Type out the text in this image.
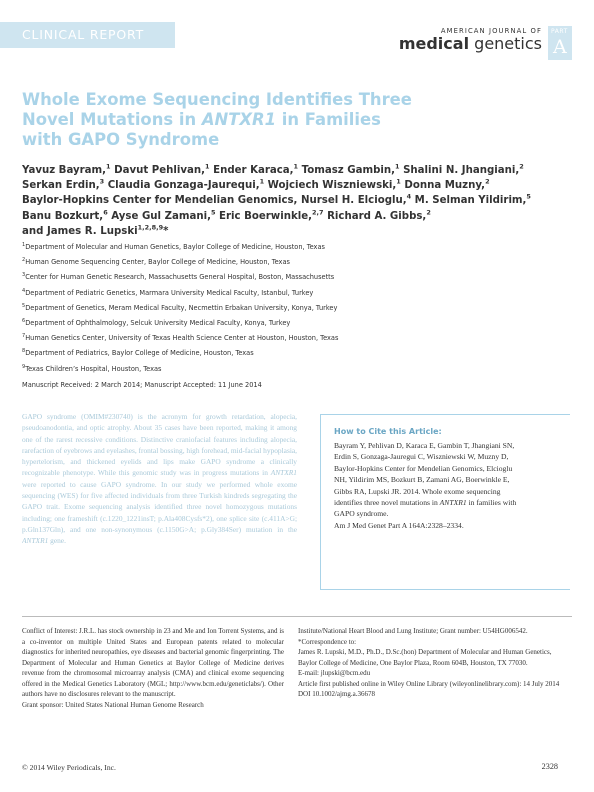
CLINICAL REPORT	AMERICAN JOURNAL OF
medical genetics
PART
A
Whole Exome Sequencing Identifies Three
Novel Mutations in ANTXR1 in Families
with GAPO Syndrome
Yavuz Bayram,$^1$ Davut Pehlivan,$^1$ Ender Karaca,$^1$ Tomasz Gambin,$^1$ Shalini N. Jhangiani,$^2$
Serkan Erdin,$^3$ Claudia Gonzaga-Jaurequi,$^1$ Wojciech Wiszniewski,$^1$ Donna Muzny,$^2$
Baylor-Hopkins Center for Mendelian Genomics, Nursel H. Elcioglu,$^4$ M. Selman Yildirim,$^5$
Banu Bozkurt,$^6$ Ayse Gul Zamani,$^5$ Eric Boerwinkle,$^{2,7}$ Richard A. Gibbs,$^2$
and James R. Lupski$^{1,2,8,9}$*
$^1$Department of Molecular and Human Genetics, Baylor College of Medicine, Houston, Texas
$^2$Human Genome Sequencing Center, Baylor College of Medicine, Houston, Texas
$^3$Center for Human Genetic Research, Massachusetts General Hospital, Boston, Massachusetts
$^4$Department of Pediatric Genetics, Marmara University Medical Faculty, Istanbul, Turkey
$^5$Department of Genetics, Meram Medical Faculty, Necmettin Erbakan University, Konya, Turkey
$^6$Department of Ophthalmology, Selcuk University Medical Faculty, Konya, Turkey
$^7$Human Genetics Center, University of Texas Health Science Center at Houston, Houston, Texas
$^8$Department of Pediatrics, Baylor College of Medicine, Houston, Texas
$^9$Texas Children’s Hospital, Houston, Texas
Manuscript Received: 2 March 2014; Manuscript Accepted: 11 June 2014
GAPO syndrome (OMIM#230740) is the acronym for growth retardation, alopecia, pseudoanodontia, and optic atrophy. About 35 cases have been reported, making it among one of the rarest recessive conditions. Distinctive craniofacial features including alopecia, rarefaction of eyebrows and eyelashes, frontal bossing, high forehead, mid-facial hypoplasia, hypertelorism, and thickened eyelids and lips make GAPO syndrome a clinically recognizable phenotype. While this genomic study was in progress mutations in ANTXR1 were reported to cause GAPO syndrome. In our study we performed whole exome sequencing (WES) for five affected individuals from three Turkish kindreds segregating the GAPO trait. Exome sequencing analysis identified three novel homozygous mutations including; one frameshift (c.1220_1221insT; p.Ala408Cysfs*2), one splice site (c.411A>G; p.Gln137Gln), and one non-synonymous (c.1150G>A; p.Gly384Ser) mutation in the ANTXR1 gene.
How to Cite this Article:
Bayram Y, Pehlivan D, Karaca E, Gambin T, Jhangiani SN, Erdin S, Gonzaga-Jauregui C, Wiszniewski W, Muzny D, Baylor-Hopkins Center for Mendelian Genomics, Elcioglu NH, Yildirim MS, Bozkurt B, Zamani AG, Boerwinkle E, Gibbs RA, Lupski JR. 2014. Whole exome sequencing identifies three novel mutations in ANTXR1 in families with GAPO syndrome.
Am J Med Genet Part A 164A:2328–2334.

Conflict of Interest: J.R.L. has stock ownership in 23 and Me and Ion Torrent Systems, and is a co-inventor on multiple United States and European patents related to molecular diagnostics for inherited neuropathies, eye diseases and bacterial genomic fingerprinting. The Department of Molecular and Human Genetics at Baylor College of Medicine derives revenue from the chromosomal microarray analysis (CMA) and clinical exome sequencing offered in the Medical Genetics Laboratory (MGL; http://www.bcm.edu/geneticlabs/). Other authors have no disclosures relevant to the manuscript.

Grant sponsor: United States National Human Genome Research

Institute/National Heart Blood and Lung Institute; Grant number: U54HG006542.

*Correspondence to:

James R. Lupski, M.D., Ph.D., D.Sc.(hon) Department of Molecular and Human Genetics, Baylor College of Medicine, One Baylor Plaza, Room 604B, Houston, TX 77030.

E-mail: jlupski@bcm.edu

Article first published online in Wiley Online Library (wileyonlinelibrary.com): 14 July 2014

DOI 10.1002/ajmg.a.36678

© 2014 Wiley Periodicals, Inc.	2328
